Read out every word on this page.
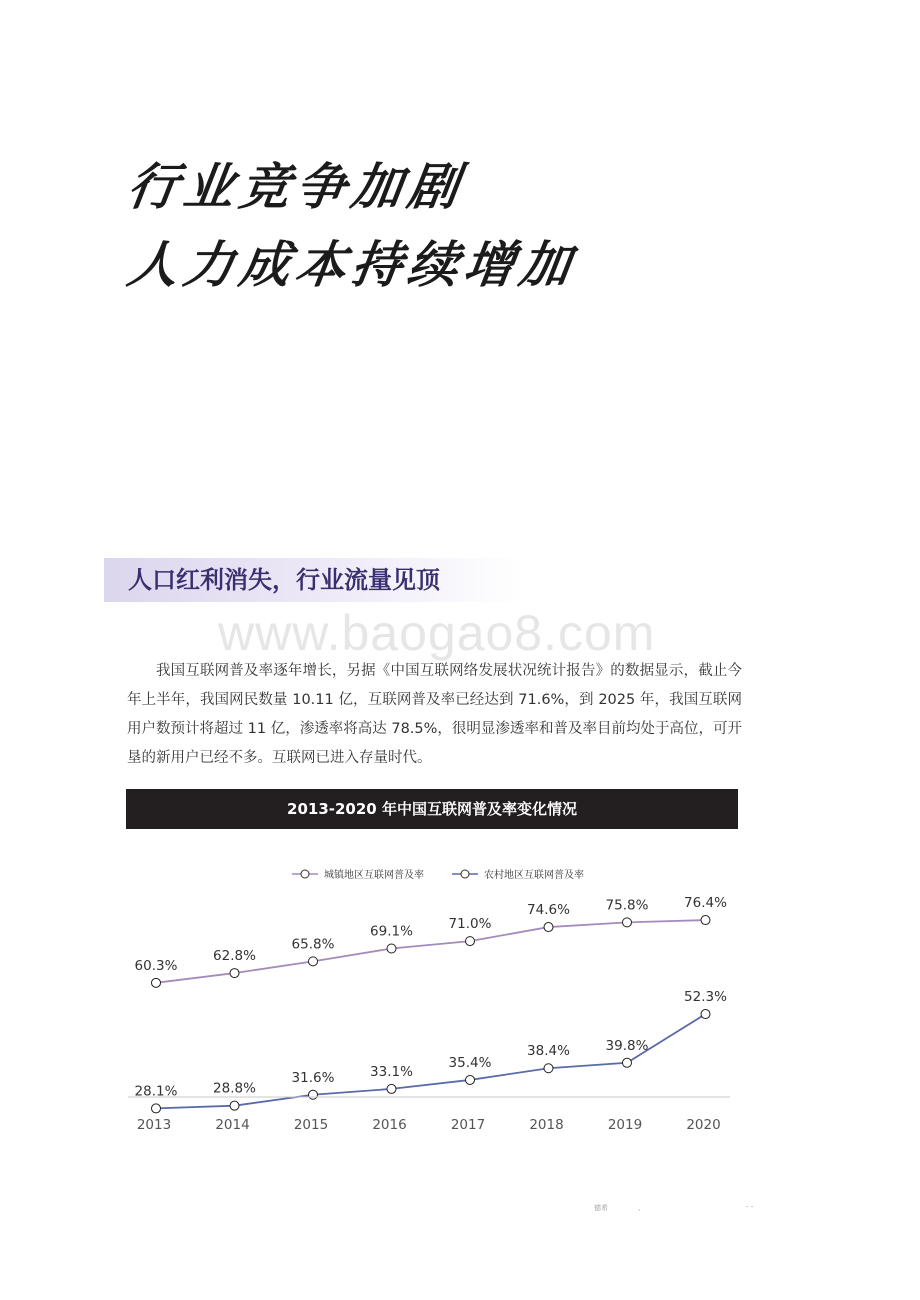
行业竞争加剧
人力成本持续增加
人口红利消失，行业流量见顶
www.baogao8.com

我国互联网普及率逐年增长，另据《中国互联网络发展状况统计报告》的数据显示，截止今年上半年，我国网民数量 10.11 亿，互联网普及率已经达到 71.6%，到 2025 年，我国互联网用户数预计将超过 11 亿，渗透率将高达 78.5%，很明显渗透率和普及率目前均处于高位，可开垦的新用户已经不多。互联网已进入存量时代。

2013-2020 年中国互联网普及率变化情况
城镇地区互联网普及率	农村地区互联网普及率
60.3%
62.8%
65.8%
69.1%	71.0%
74.6%	75.8%	76.4%
28.1%	28.8%
31.6%	33.1%
35.4%
38.4%	39.8%
52.3%
2013	2014	2015	2016	2017	2018	2019	2020
德希	、	- -
